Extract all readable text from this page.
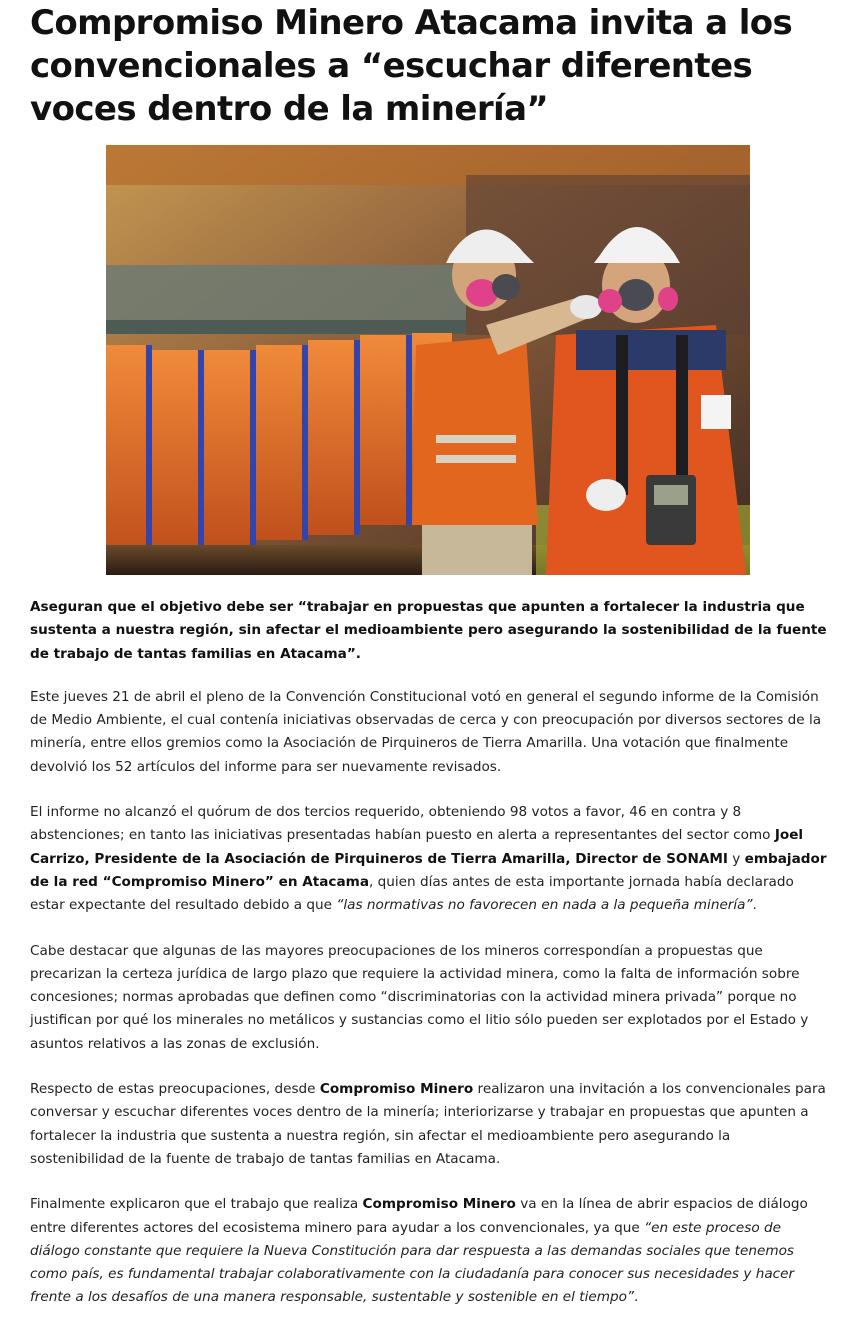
Compromiso Minero Atacama invita a los convencionales a “escuchar diferentes voces dentro de la minería”

Aseguran que el objetivo debe ser “trabajar en propuestas que apunten a fortalecer la industria que sustenta a nuestra región, sin afectar el medioambiente pero asegurando la sostenibilidad de la fuente de trabajo de tantas familias en Atacama”.

Este jueves 21 de abril el pleno de la Convención Constitucional votó en general el segundo informe de la Comisión de Medio Ambiente, el cual contenía iniciativas observadas de cerca y con preocupación por diversos sectores de la minería, entre ellos gremios como la Asociación de Pirquineros de Tierra Amarilla. Una votación que finalmente devolvió los 52 artículos del informe para ser nuevamente revisados.

El informe no alcanzó el quórum de dos tercios requerido, obteniendo 98 votos a favor, 46 en contra y 8 abstenciones; en tanto las iniciativas presentadas habían puesto en alerta a representantes del sector como Joel Carrizo, Presidente de la Asociación de Pirquineros de Tierra Amarilla, Director de SONAMI y embajador de la red “Compromiso Minero” en Atacama, quien días antes de esta importante jornada había declarado estar expectante del resultado debido a que “las normativas no favorecen en nada a la pequeña minería”.

Cabe destacar que algunas de las mayores preocupaciones de los mineros correspondían a propuestas que precarizan la certeza jurídica de largo plazo que requiere la actividad minera, como la falta de información sobre concesiones; normas aprobadas que definen como “discriminatorias con la actividad minera privada” porque no justifican por qué los minerales no metálicos y sustancias como el litio sólo pueden ser explotados por el Estado y asuntos relativos a las zonas de exclusión.

Respecto de estas preocupaciones, desde Compromiso Minero realizaron una invitación a los convencionales para conversar y escuchar diferentes voces dentro de la minería; interiorizarse y trabajar en propuestas que apunten a fortalecer la industria que sustenta a nuestra región, sin afectar el medioambiente pero asegurando la sostenibilidad de la fuente de trabajo de tantas familias en Atacama.

Finalmente explicaron que el trabajo que realiza Compromiso Minero va en la línea de abrir espacios de diálogo entre diferentes actores del ecosistema minero para ayudar a los convencionales, ya que “en este proceso de diálogo constante que requiere la Nueva Constitución para dar respuesta a las demandas sociales que tenemos como país, es fundamental trabajar colaborativamente con la ciudadanía para conocer sus necesidades y hacer frente a los desafíos de una manera responsable, sustentable y sostenible en el tiempo”.
